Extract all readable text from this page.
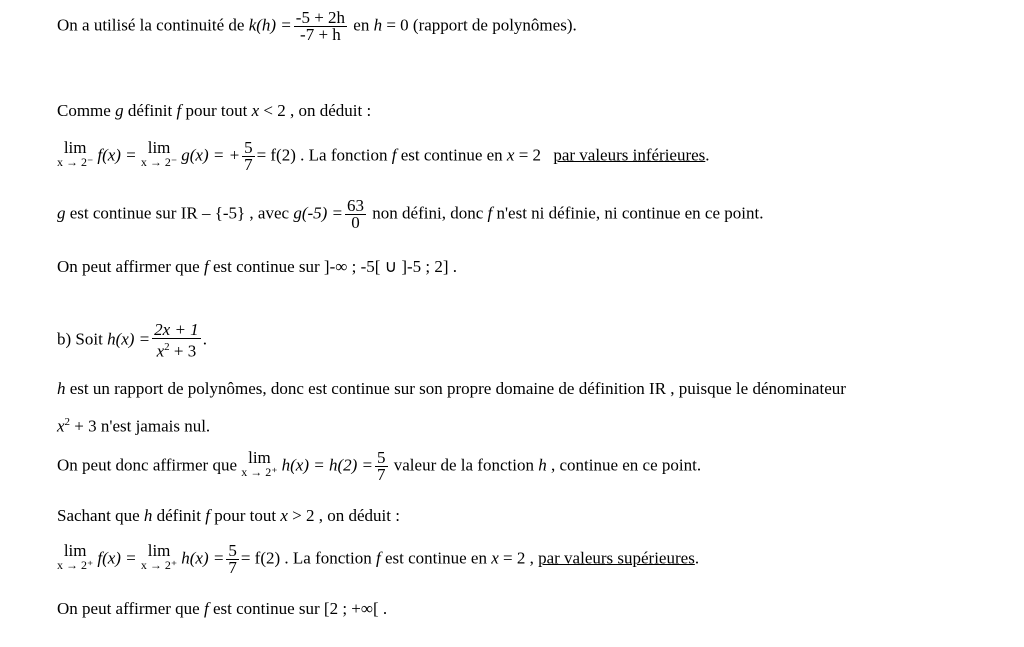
On a utilisé la continuité de $k(h) = \frac{-5 + 2h}{-7 + h}$ en h = 0 (rapport de polynômes).
Comme g définit f pour tout x < 2 , on déduit :
lim
x → 2⁻ f(x) = lim
x → 2⁻ g(x) = + $\frac{5}{7} = f(2)$ . La fonction f est continue en x = 2 par valeurs inférieures.
g est continue sur IR – {-5} , avec $g(-5) = \frac{63}{0}$ non défini, donc f n'est ni définie, ni continue en ce point.
On peut affirmer que f est continue sur ]-∞ ; -5[ ∪ ]-5 ; 2] .
b) Soit $h(x) = \frac{2x + 1}{x^2 + 3}$ .
h est un rapport de polynômes, donc est continue sur son propre domaine de définition IR , puisque le dénominateur
$x^2 + 3$ n'est jamais nul.
On peut donc affirmer que lim
x → 2⁺ $h(x) = h(2) = \frac{5}{7}$ valeur de la fonction h , continue en ce point.
Sachant que h définit f pour tout x > 2 , on déduit :
lim
x → 2⁺ f(x) = lim
x → 2⁺ $h(x) = \frac{5}{7} = f(2)$ . La fonction f est continue en x = 2 , par valeurs supérieures.
On peut affirmer que f est continue sur [2 ; +∞[ .
